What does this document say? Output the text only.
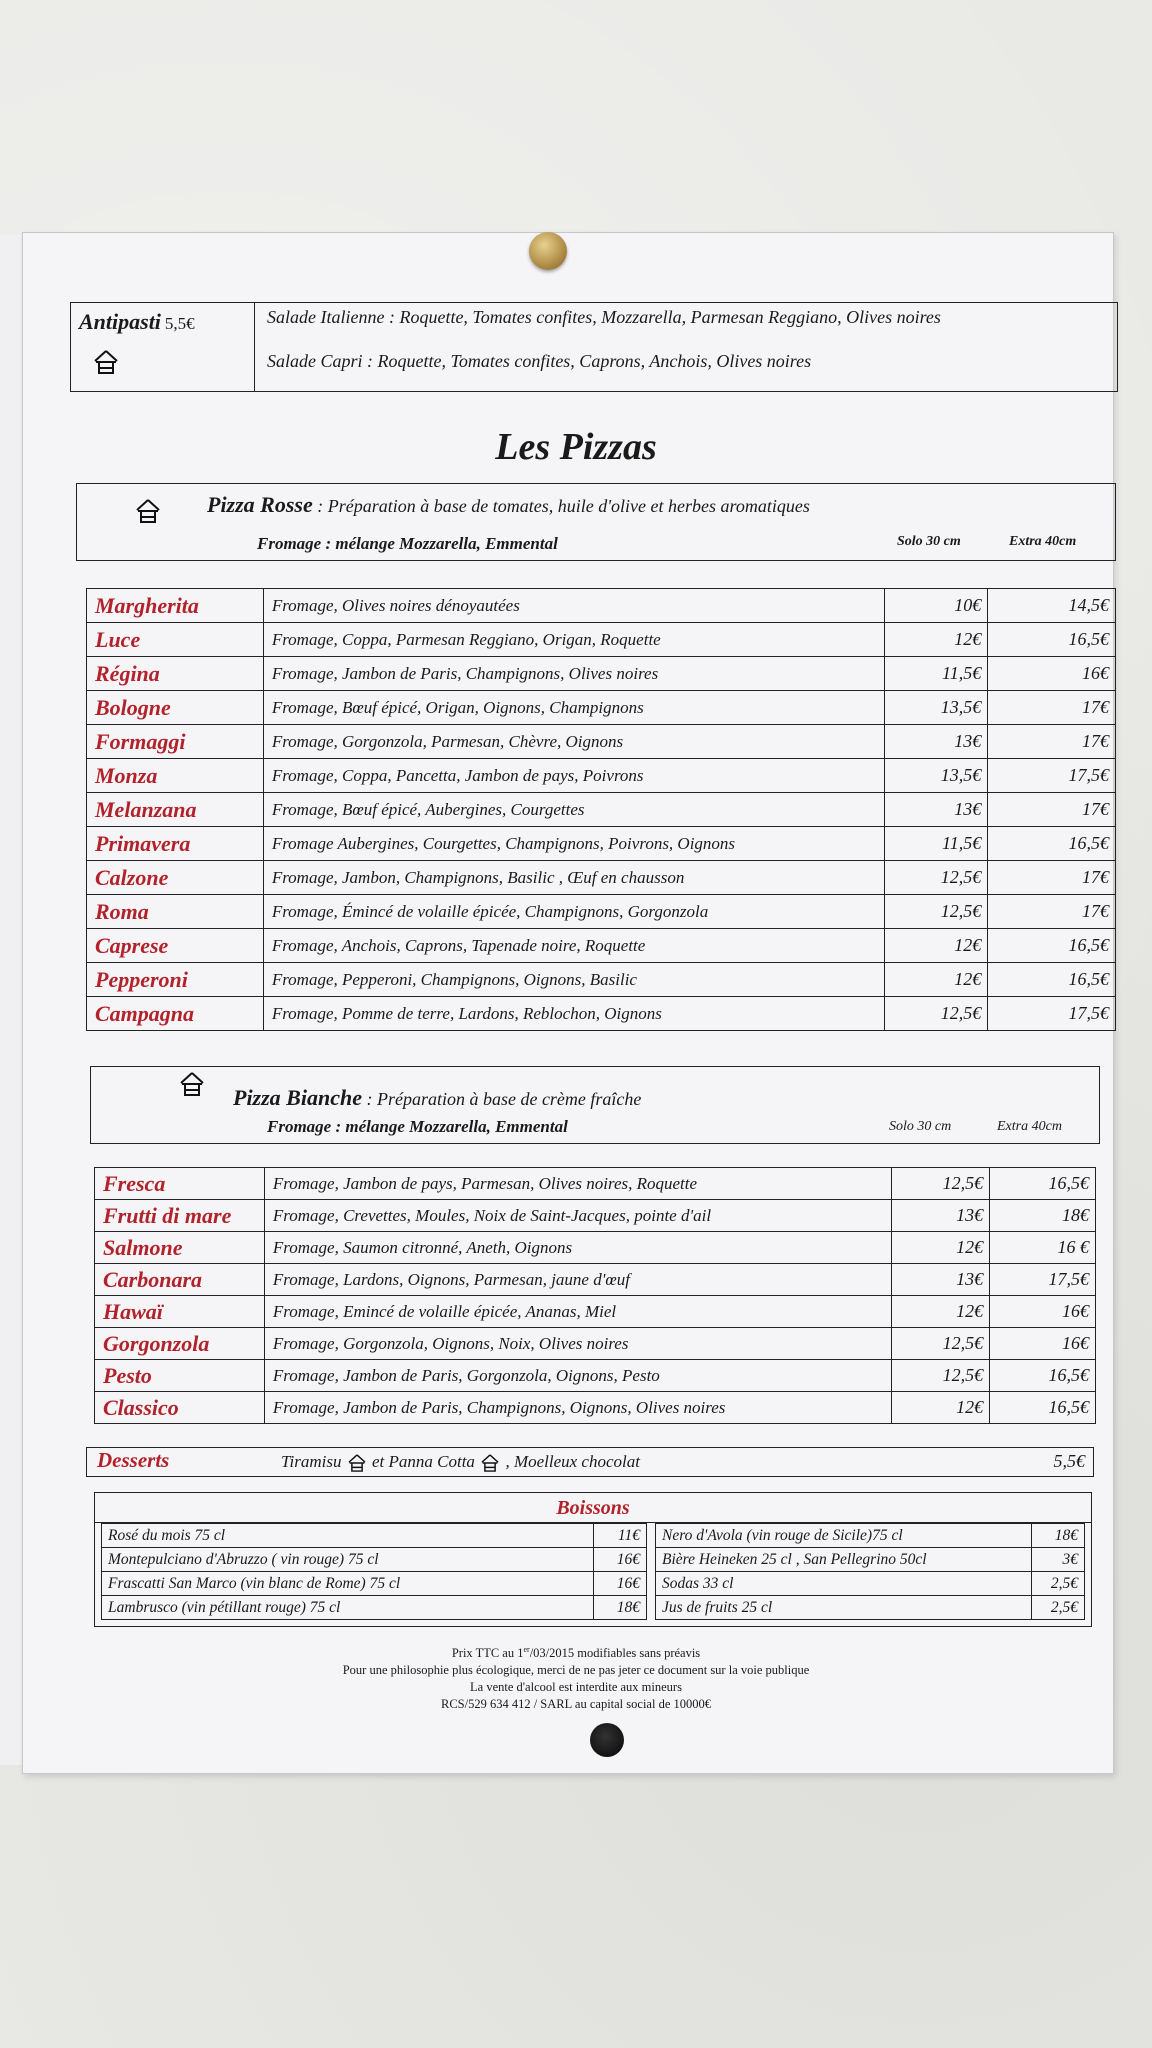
Antipasti 5,5€	Salade Italienne : Roquette, Tomates confites, Mozzarella, Parmesan Reggiano, Olives noires
Salade Capri : Roquette, Tomates confites, Caprons, Anchois, Olives noires
Les Pizzas
Pizza Rosse : Préparation à base de tomates, huile d'olive et herbes aromatiques
Fromage : mélange Mozzarella, Emmental	Solo 30 cm	Extra 40cm
Margherita	Fromage, Olives noires dénoyautées	10€	14,5€
Luce	Fromage, Coppa, Parmesan Reggiano, Origan, Roquette	12€	16,5€
Régina	Fromage, Jambon de Paris, Champignons, Olives noires	11,5€	16€
Bologne	Fromage, Bœuf épicé, Origan, Oignons, Champignons	13,5€	17€
Formaggi	Fromage, Gorgonzola, Parmesan, Chèvre, Oignons	13€	17€
Monza	Fromage, Coppa, Pancetta, Jambon de pays, Poivrons	13,5€	17,5€
Melanzana	Fromage, Bœuf épicé, Aubergines, Courgettes	13€	17€
Primavera	Fromage Aubergines, Courgettes, Champignons, Poivrons, Oignons	11,5€	16,5€
Calzone	Fromage, Jambon, Champignons, Basilic , Œuf en chausson	12,5€	17€
Roma	Fromage, Émincé de volaille épicée, Champignons, Gorgonzola	12,5€	17€
Caprese	Fromage, Anchois, Caprons, Tapenade noire, Roquette	12€	16,5€
Pepperoni	Fromage, Pepperoni, Champignons, Oignons, Basilic	12€	16,5€
Campagna	Fromage, Pomme de terre, Lardons, Reblochon, Oignons	12,5€	17,5€
Pizza Bianche : Préparation à base de crème fraîche
Fromage : mélange Mozzarella, Emmental	Solo 30 cm	Extra 40cm
Fresca	Fromage, Jambon de pays, Parmesan, Olives noires, Roquette	12,5€	16,5€
Frutti di mare	Fromage, Crevettes, Moules, Noix de Saint-Jacques, pointe d'ail	13€	18€
Salmone	Fromage, Saumon citronné, Aneth, Oignons	12€	16 €
Carbonara	Fromage, Lardons, Oignons, Parmesan, jaune d'œuf	13€	17,5€
Hawaï	Fromage, Emincé de volaille épicée, Ananas, Miel	12€	16€
Gorgonzola	Fromage, Gorgonzola, Oignons, Noix, Olives noires	12,5€	16€
Pesto	Fromage, Jambon de Paris, Gorgonzola, Oignons, Pesto	12,5€	16,5€
Classico	Fromage, Jambon de Paris, Champignons, Oignons, Olives noires	12€	16,5€
Desserts	Tiramisu et Panna Cotta , Moelleux chocolat	5,5€
Boissons
Rosé du mois 75 cl	11€
Montepulciano d'Abruzzo ( vin rouge) 75 cl	16€
Frascatti San Marco (vin blanc de Rome) 75 cl	16€
Lambrusco (vin pétillant rouge) 75 cl	18€
Nero d'Avola (vin rouge de Sicile)75 cl	18€
Bière Heineken 25 cl , San Pellegrino 50cl	3€
Sodas 33 cl	2,5€
Jus de fruits 25 cl	2,5€
Prix TTC au 1er/03/2015 modifiables sans préavis
Pour une philosophie plus écologique, merci de ne pas jeter ce document sur la voie publique
La vente d'alcool est interdite aux mineurs
RCS/529 634 412 / SARL au capital social de 10000€
